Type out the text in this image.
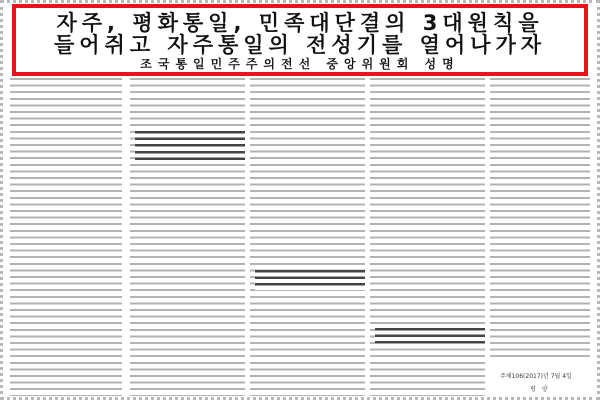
자주, 평화통일, 민족대단결의 3대원칙을
들어쥐고 자주통일의 전성기를 열어나가자
조국통일민주주의전선 중앙위원회 성명
주체106(2017)년 7월 4일
평양
